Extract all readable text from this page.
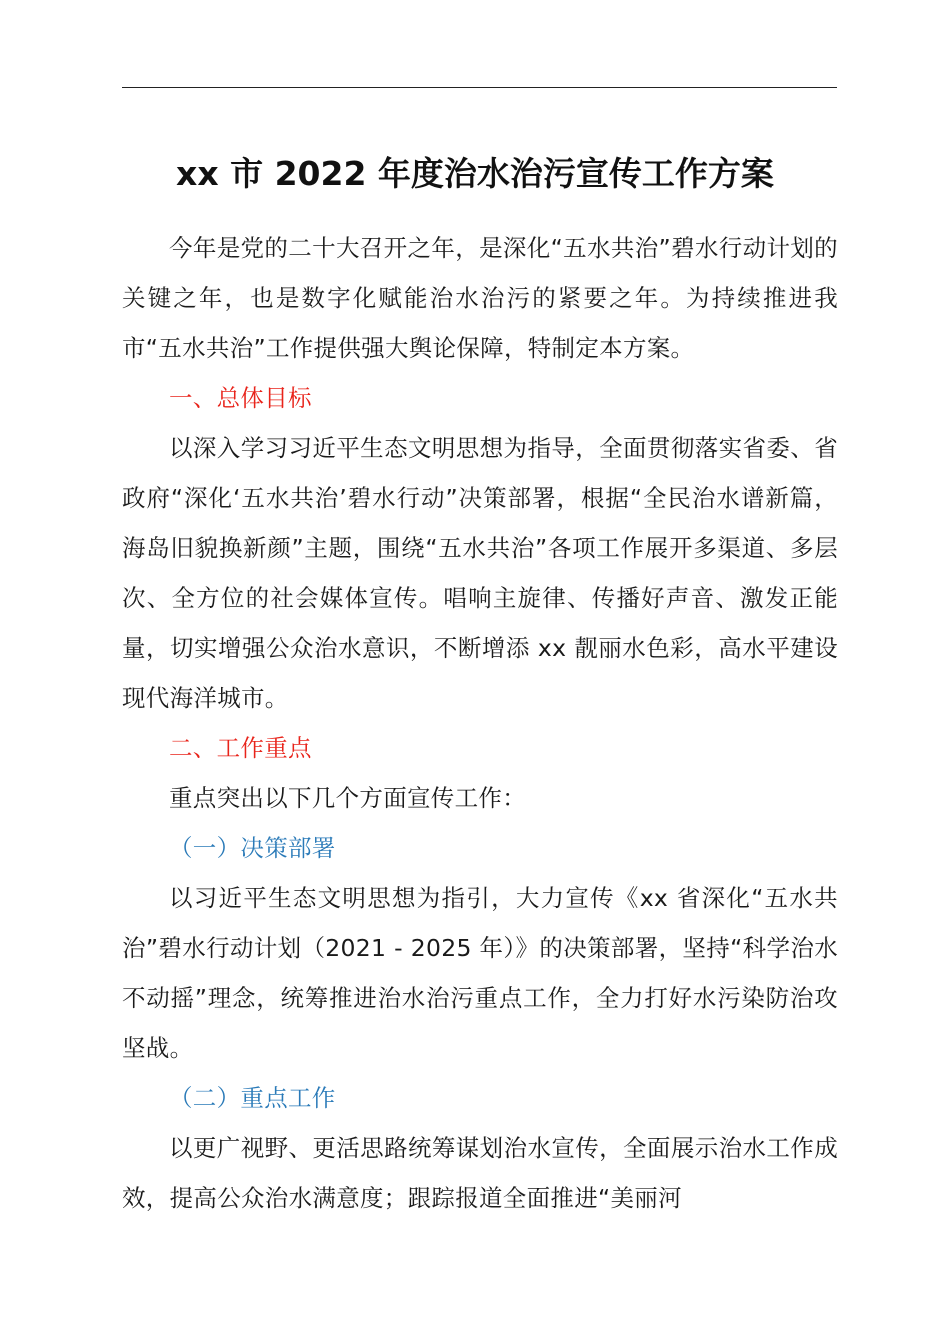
xx 市 2022 年度治水治污宣传工作方案

今年是党的二十大召开之年，是深化“五水共治”碧水行动计划的关键之年，也是数字化赋能治水治污的紧要之年。为持续推进我市“五水共治”工作提供强大舆论保障，特制定本方案。

一、总体目标

以深入学习习近平生态文明思想为指导，全面贯彻落实省委、省政府“深化‘五水共治’碧水行动”决策部署，根据“全民治水谱新篇，海岛旧貌换新颜”主题，围绕“五水共治”各项工作展开多渠道、多层次、全方位的社会媒体宣传。唱响主旋律、传播好声音、激发正能量，切实增强公众治水意识，不断增添 xx 靓丽水色彩，高水平建设现代海洋城市。

二、工作重点

重点突出以下几个方面宣传工作：

（一）决策部署

以习近平生态文明思想为指引，大力宣传《xx 省深化“五水共治”碧水行动计划（2021 - 2025 年）》的决策部署，坚持“科学治水不动摇”理念，统筹推进治水治污重点工作，全力打好水污染防治攻坚战。

（二）重点工作

以更广视野、更活思路统筹谋划治水宣传，全面展示治水工作成效，提高公众治水满意度；跟踪报道全面推进“美丽河
